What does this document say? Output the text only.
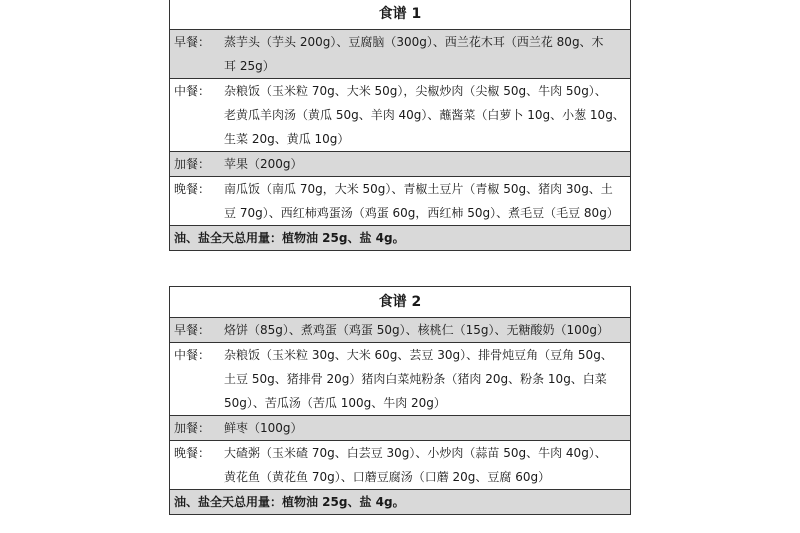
食谱 1
早餐：	蒸芋头（芋头 200g）、豆腐脑（300g）、西兰花木耳（西兰花 80g、木
耳 25g）
中餐：	杂粮饭（玉米粒 70g、大米 50g），尖椒炒肉（尖椒 50g、牛肉 50g）、
老黄瓜羊肉汤（黄瓜 50g、羊肉 40g）、蘸酱菜（白萝卜 10g、小葱 10g、
生菜 20g、黄瓜 10g）
加餐：	苹果（200g）
晚餐：	南瓜饭（南瓜 70g，大米 50g）、青椒土豆片（青椒 50g、猪肉 30g、土
豆 70g）、西红柿鸡蛋汤（鸡蛋 60g，西红柿 50g）、煮毛豆（毛豆 80g）
油、盐全天总用量：植物油 25g、盐 4g。
食谱 2
早餐：	烙饼（85g）、煮鸡蛋（鸡蛋 50g）、核桃仁（15g）、无糖酸奶（100g）
中餐：	杂粮饭（玉米粒 30g、大米 60g、芸豆 30g）、排骨炖豆角（豆角 50g、
土豆 50g、猪排骨 20g）猪肉白菜炖粉条（猪肉 20g、粉条 10g、白菜
50g）、苦瓜汤（苦瓜 100g、牛肉 20g）
加餐：	鲜枣（100g）
晚餐：	大碴粥（玉米碴 70g、白芸豆 30g）、小炒肉（蒜苗 50g、牛肉 40g）、
黄花鱼（黄花鱼 70g）、口蘑豆腐汤（口蘑 20g、豆腐 60g）
油、盐全天总用量：植物油 25g、盐 4g。
